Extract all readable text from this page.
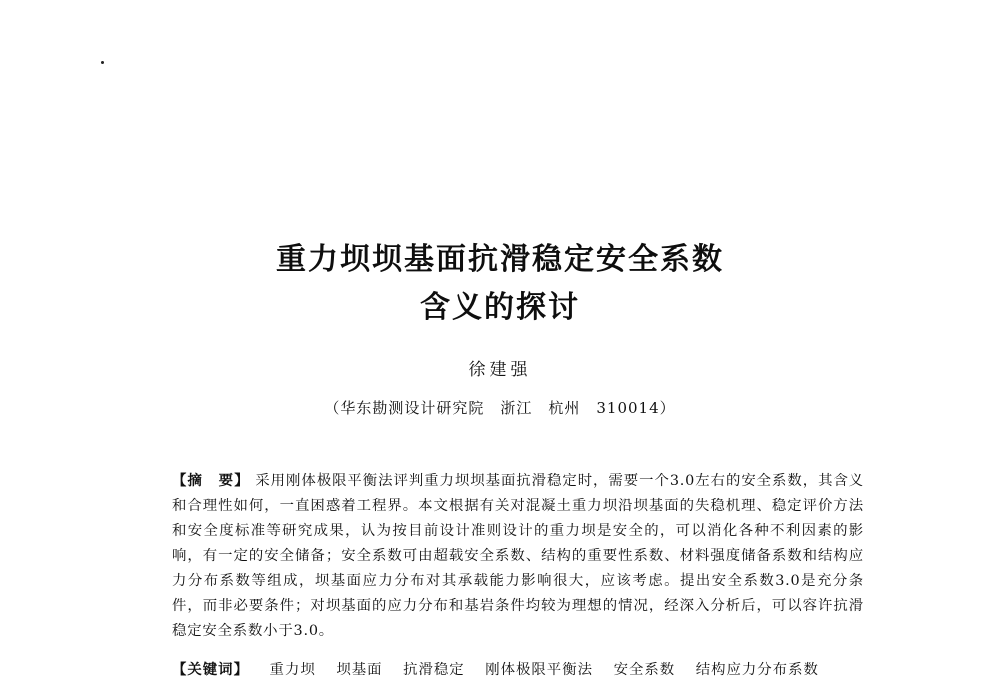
重力坝坝基面抗滑稳定安全系数
含义的探讨
徐建强
（华东勘测设计研究院　浙江　杭州　310014）
【摘　要】 采用刚体极限平衡法评判重力坝坝基面抗滑稳定时，需要一个3.0左右的安全系数，其含义和合理性如何，一直困惑着工程界。本文根据有关对混凝土重力坝沿坝基面的失稳机理、稳定评价方法和安全度标准等研究成果，认为按目前设计准则设计的重力坝是安全的，可以消化各种不利因素的影响，有一定的安全储备；安全系数可由超载安全系数、结构的重要性系数、材料强度储备系数和结构应力分布系数等组成，坝基面应力分布对其承载能力影响很大，应该考虑。提出安全系数3.0是充分条件，而非必要条件；对坝基面的应力分布和基岩条件均较为理想的情况，经深入分析后，可以容许抗滑稳定安全系数小于3.0。
【关键词】 重力坝 坝基面 抗滑稳定 刚体极限平衡法 安全系数 结构应力分布系数
